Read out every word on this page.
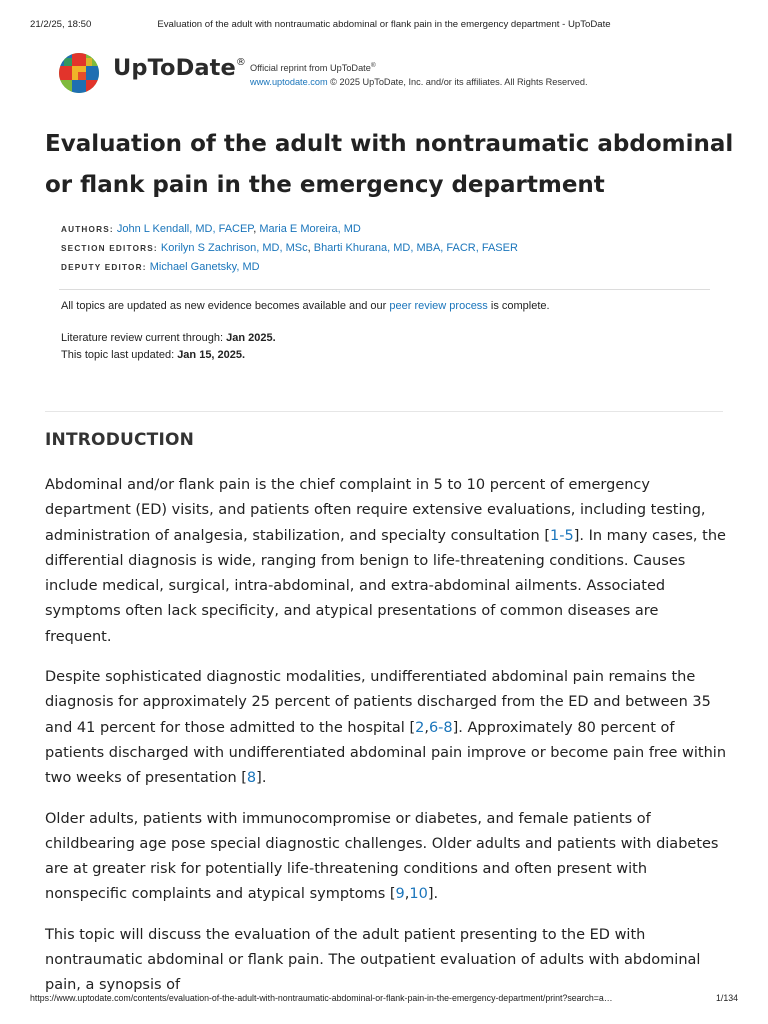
21/2/25, 18:50	Evaluation of the adult with nontraumatic abdominal or flank pain in the emergency department - UpToDate
UpToDate®
Official reprint from UpToDate®
www.uptodate.com © 2025 UpToDate, Inc. and/or its affiliates. All Rights Reserved.
Evaluation of the adult with nontraumatic abdominal or flank pain in the emergency department
AUTHORS: John L Kendall, MD, FACEP, Maria E Moreira, MD
SECTION EDITORS: Korilyn S Zachrison, MD, MSc, Bharti Khurana, MD, MBA, FACR, FASER
DEPUTY EDITOR: Michael Ganetsky, MD
All topics are updated as new evidence becomes available and our peer review process is complete.
Literature review current through: Jan 2025.
This topic last updated: Jan 15, 2025.
INTRODUCTION

Abdominal and/or flank pain is the chief complaint in 5 to 10 percent of emergency department (ED) visits, and patients often require extensive evaluations, including testing, administration of analgesia, stabilization, and specialty consultation [1-5]. In many cases, the differential diagnosis is wide, ranging from benign to life-threatening conditions. Causes include medical, surgical, intra-abdominal, and extra-abdominal ailments. Associated symptoms often lack specificity, and atypical presentations of common diseases are frequent.

Despite sophisticated diagnostic modalities, undifferentiated abdominal pain remains the diagnosis for approximately 25 percent of patients discharged from the ED and between 35 and 41 percent for those admitted to the hospital [2,6-8]. Approximately 80 percent of patients discharged with undifferentiated abdominal pain improve or become pain free within two weeks of presentation [8].

Older adults, patients with immunocompromise or diabetes, and female patients of childbearing age pose special diagnostic challenges. Older adults and patients with diabetes are at greater risk for potentially life-threatening conditions and often present with nonspecific complaints and atypical symptoms [9,10].

This topic will discuss the evaluation of the adult patient presenting to the ED with nontraumatic abdominal or flank pain. The outpatient evaluation of adults with abdominal pain, a synopsis of

https://www.uptodate.com/contents/evaluation-of-the-adult-with-nontraumatic-abdominal-or-flank-pain-in-the-emergency-department/print?search=a…	1/134
